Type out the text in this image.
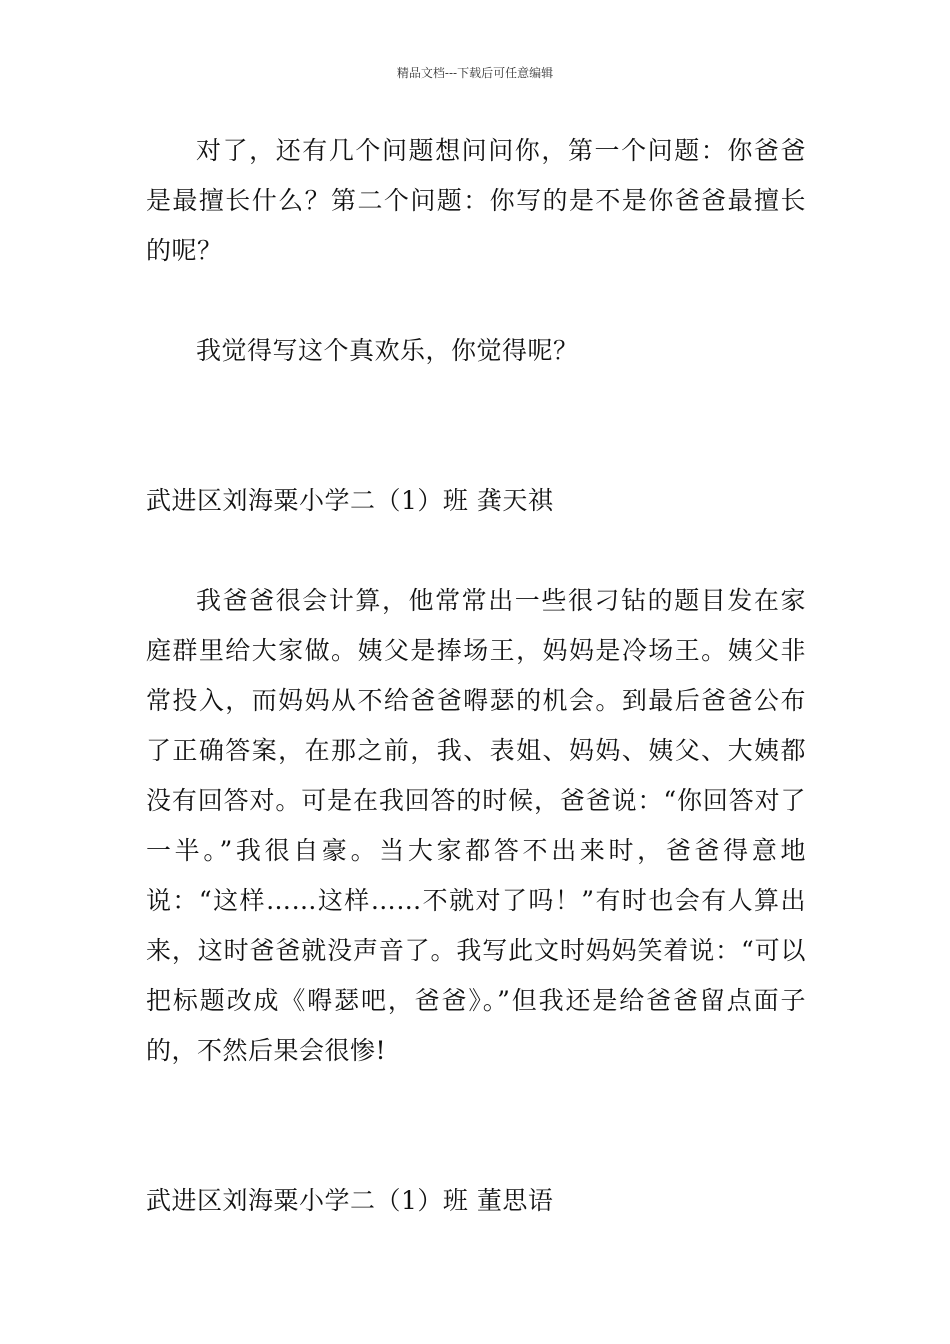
精品文档---下载后可任意编辑

对了，还有几个问题想问问你，第一个问题：你爸爸是最擅长什么？第二个问题：你写的是不是你爸爸最擅长的呢？

我觉得写这个真欢乐，你觉得呢？

武进区刘海粟小学二（1）班 龚天祺

我爸爸很会计算，他常常出一些很刁钻的题目发在家庭群里给大家做。姨父是捧场王，妈妈是冷场王。姨父非常投入，而妈妈从不给爸爸嘚瑟的机会。到最后爸爸公布了正确答案，在那之前，我、表姐、妈妈、姨父、大姨都没有回答对。可是在我回答的时候，爸爸说：“你回答对了一半。”我很自豪。当大家都答不出来时，爸爸得意地说：“这样……这样……不就对了吗！”有时也会有人算出来，这时爸爸就没声音了。我写此文时妈妈笑着说：“可以把标题改成《嘚瑟吧，爸爸》。”但我还是给爸爸留点面子的，不然后果会很惨!

武进区刘海粟小学二（1）班 董思语
